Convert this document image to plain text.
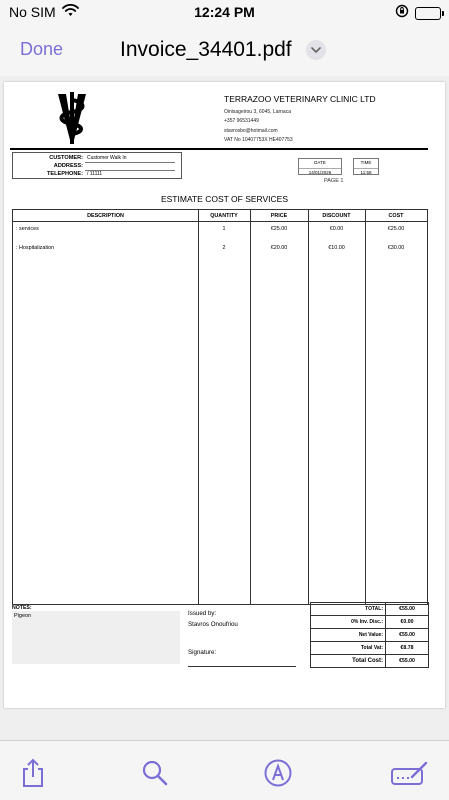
No SIM	12:24 PM
Done	Invoice_34401.pdf
TERRAZOO VETERINARY CLINIC LTD
Oinisageirou 3, 6045, Larnaca
+357 96531449
stavrosbo@hotmail.com
VAT No 10407753X HE407753
CUSTOMER: Customer Walk In
ADDRESS:
TELEPHONE: / 11111
DATE
14/01/2026
TIME
11:58
PAGE 1
ESTIMATE COST OF SERVICES
DESCRIPTION	QUANTITY	PRICE	DISCOUNT	COST
: services	1	€25.00	€0.00	€25.00
: Hospitalization	2	€20.00	€10.00	€30.00
NOTES:
Pigeon	Issued by:
Stavros Onoufriou
Signature:
TOTAL:	€55.00
0% Inv. Disc.:	€0.00
Net Value:	€55.00
Total Vat:	€8.78
Total Cost:	€55.00
